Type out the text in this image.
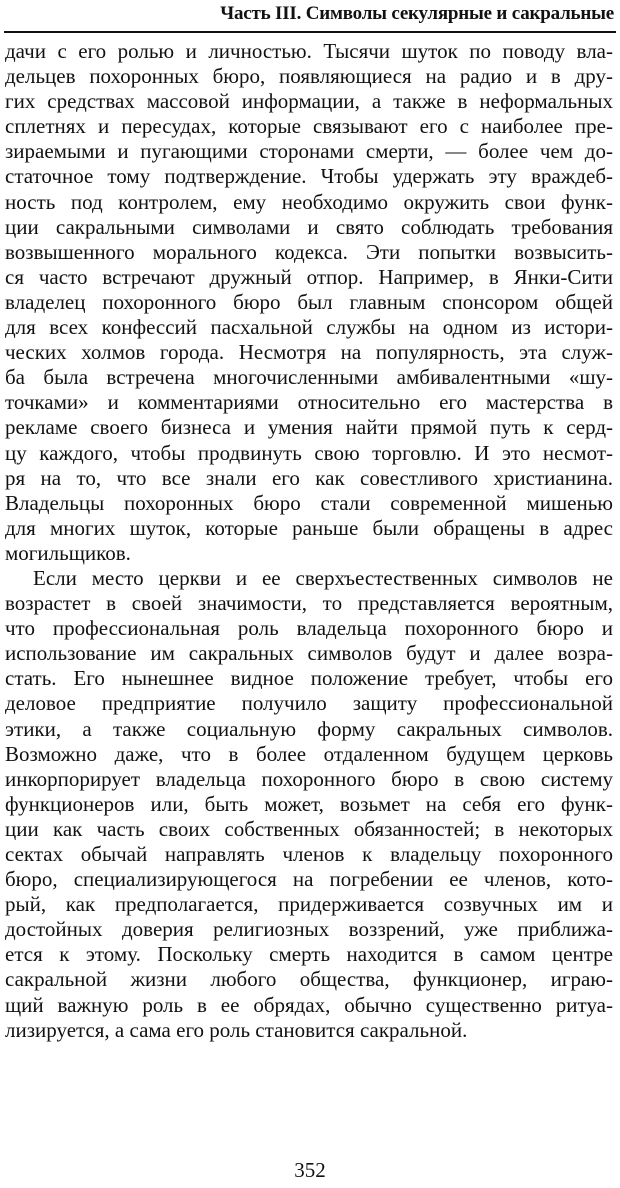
Часть III. Символы секулярные и сакральные
дачи с его ролью и личностью. Тысячи шуток по поводу вла-
дельцев похоронных бюро, появляющиеся на радио и в дру-
гих средствах массовой информации, а также в неформальных
сплетнях и пересудах, которые связывают его с наиболее пре-
зираемыми и пугающими сторонами смерти, — более чем до-
статочное тому подтверждение. Чтобы удержать эту враждеб-
ность под контролем, ему необходимо окружить свои функ-
ции сакральными символами и свято соблюдать требования
возвышенного морального кодекса. Эти попытки возвысить-
ся часто встречают дружный отпор. Например, в Янки-Сити
владелец похоронного бюро был главным спонсором общей
для всех конфессий пасхальной службы на одном из истори-
ческих холмов города. Несмотря на популярность, эта служ-
ба была встречена многочисленными амбивалентными «шу-
точками» и комментариями относительно его мастерства в
рекламе своего бизнеса и умения найти прямой путь к серд-
цу каждого, чтобы продвинуть свою торговлю. И это несмот-
ря на то, что все знали его как совестливого христианина.
Владельцы похоронных бюро стали современной мишенью
для многих шуток, которые раньше были обращены в адрес
могильщиков.
Если место церкви и ее сверхъестественных символов не
возрастет в своей значимости, то представляется вероятным,
что профессиональная роль владельца похоронного бюро и
использование им сакральных символов будут и далее возра-
стать. Его нынешнее видное положение требует, чтобы его
деловое предприятие получило защиту профессиональной
этики, а также социальную форму сакральных символов.
Возможно даже, что в более отдаленном будущем церковь
инкорпорирует владельца похоронного бюро в свою систему
функционеров или, быть может, возьмет на себя его функ-
ции как часть своих собственных обязанностей; в некоторых
сектах обычай направлять членов к владельцу похоронного
бюро, специализирующегося на погребении ее членов, кото-
рый, как предполагается, придерживается созвучных им и
достойных доверия религиозных воззрений, уже приближа-
ется к этому. Поскольку смерть находится в самом центре
сакральной жизни любого общества, функционер, играю-
щий важную роль в ее обрядах, обычно существенно ритуа-
лизируется, а сама его роль становится сакральной.
352
